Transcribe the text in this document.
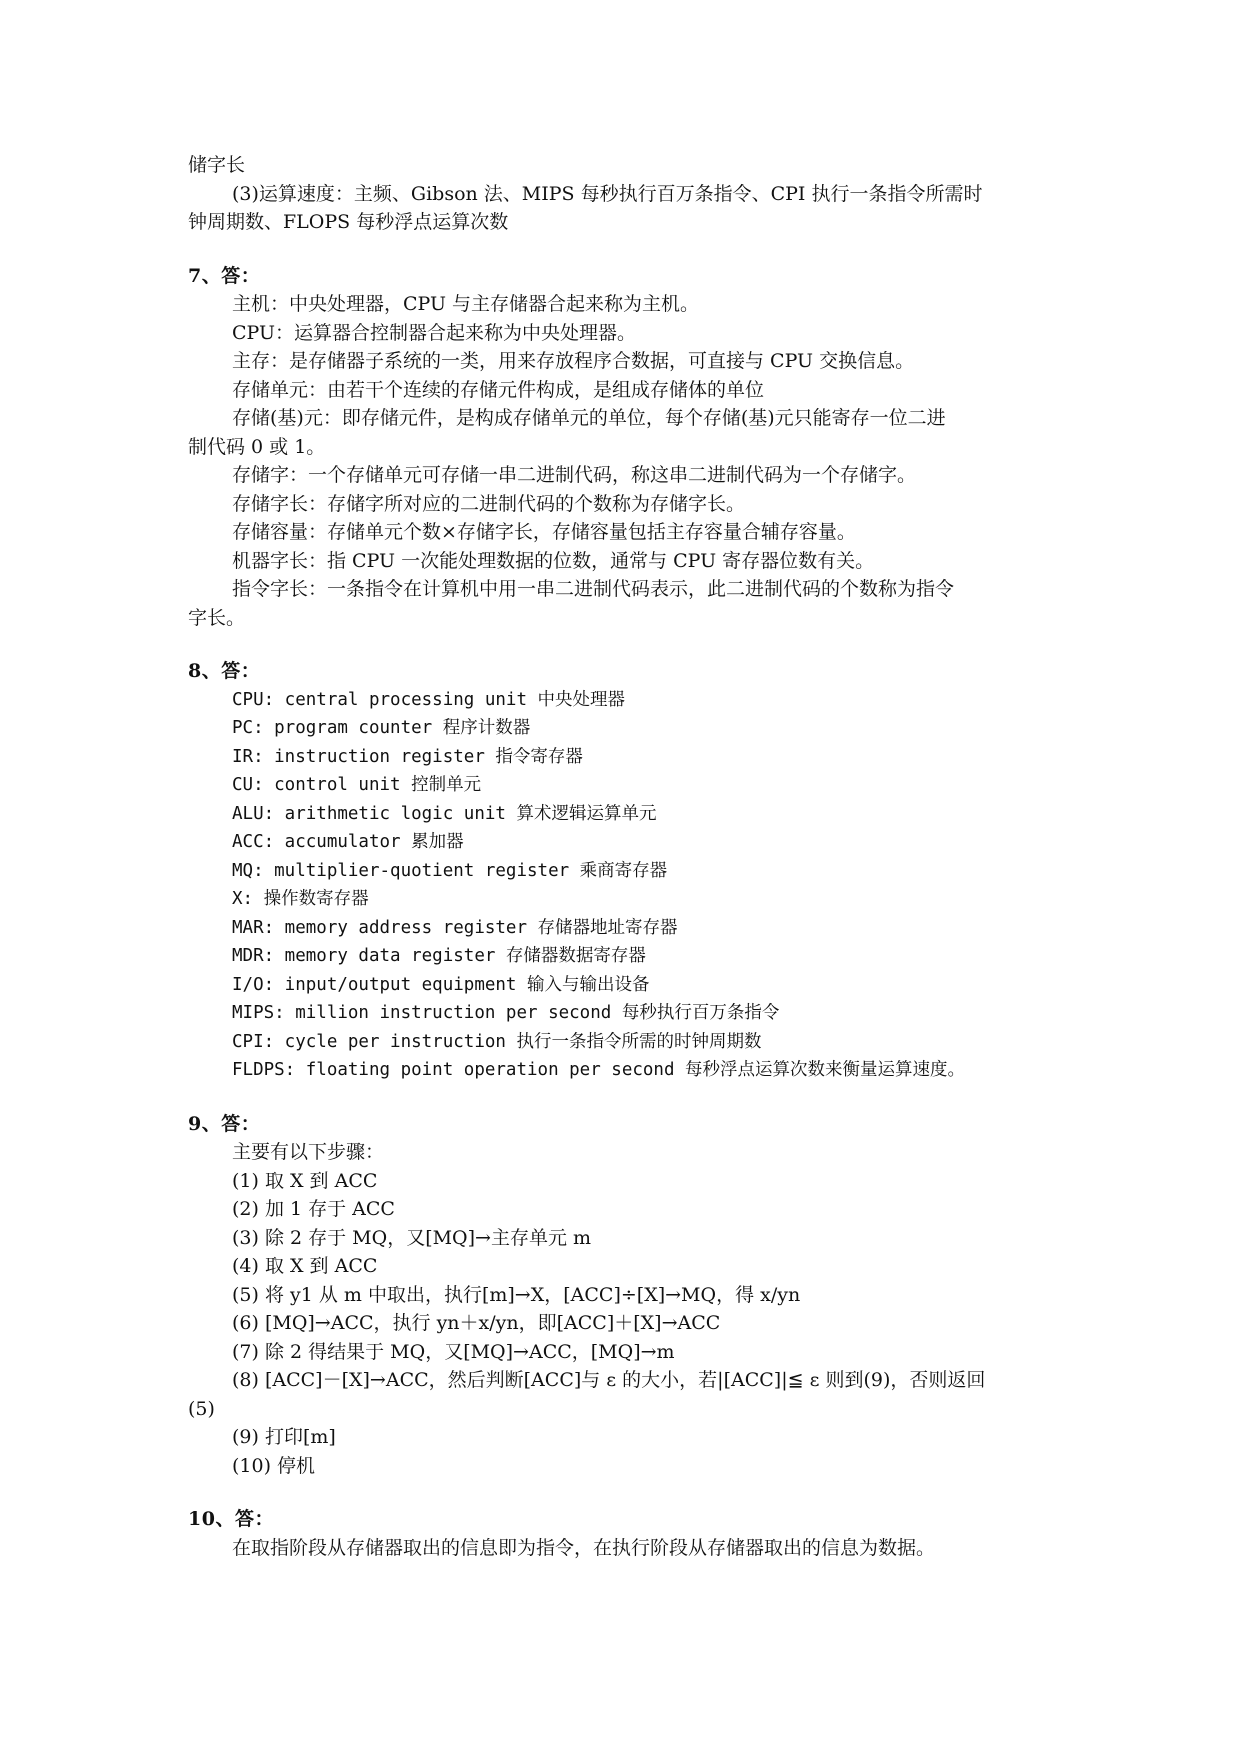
储字长
(3)运算速度：主频、Gibson 法、MIPS 每秒执行百万条指令、CPI 执行一条指令所需时
钟周期数、FLOPS 每秒浮点运算次数
7、答：
主机：中央处理器，CPU 与主存储器合起来称为主机。
CPU：运算器合控制器合起来称为中央处理器。
主存：是存储器子系统的一类，用来存放程序合数据，可直接与 CPU 交换信息。
存储单元：由若干个连续的存储元件构成，是组成存储体的单位
存储(基)元：即存储元件，是构成存储单元的单位，每个存储(基)元只能寄存一位二进
制代码 0 或 1。
存储字：一个存储单元可存储一串二进制代码，称这串二进制代码为一个存储字。
存储字长：存储字所对应的二进制代码的个数称为存储字长。
存储容量：存储单元个数×存储字长，存储容量包括主存容量合辅存容量。
机器字长：指 CPU 一次能处理数据的位数，通常与 CPU 寄存器位数有关。
指令字长：一条指令在计算机中用一串二进制代码表示，此二进制代码的个数称为指令
字长。
8、答：
CPU: central processing unit 中央处理器
PC: program counter 程序计数器
IR: instruction register 指令寄存器
CU: control unit 控制单元
ALU: arithmetic logic unit 算术逻辑运算单元
ACC: accumulator 累加器
MQ: multiplier-quotient register 乘商寄存器
X: 操作数寄存器
MAR: memory address register 存储器地址寄存器
MDR: memory data register 存储器数据寄存器
I/O: input/output equipment 输入与输出设备
MIPS: million instruction per second 每秒执行百万条指令
CPI: cycle per instruction 执行一条指令所需的时钟周期数
FLDPS: floating point operation per second 每秒浮点运算次数来衡量运算速度。
9、答：
主要有以下步骤：
(1) 取 X 到 ACC
(2) 加 1 存于 ACC
(3) 除 2 存于 MQ，又[MQ]→主存单元 m
(4) 取 X 到 ACC
(5) 将 y1 从 m 中取出，执行[m]→X，[ACC]÷[X]→MQ，得 x/yn
(6) [MQ]→ACC，执行 yn＋x/yn，即[ACC]＋[X]→ACC
(7) 除 2 得结果于 MQ，又[MQ]→ACC，[MQ]→m
(8) [ACC]－[X]→ACC，然后判断[ACC]与 ε 的大小，若|[ACC]|≦ ε 则到(9)，否则返回
(5)
(9) 打印[m]
(10) 停机
10、答：
在取指阶段从存储器取出的信息即为指令，在执行阶段从存储器取出的信息为数据。
